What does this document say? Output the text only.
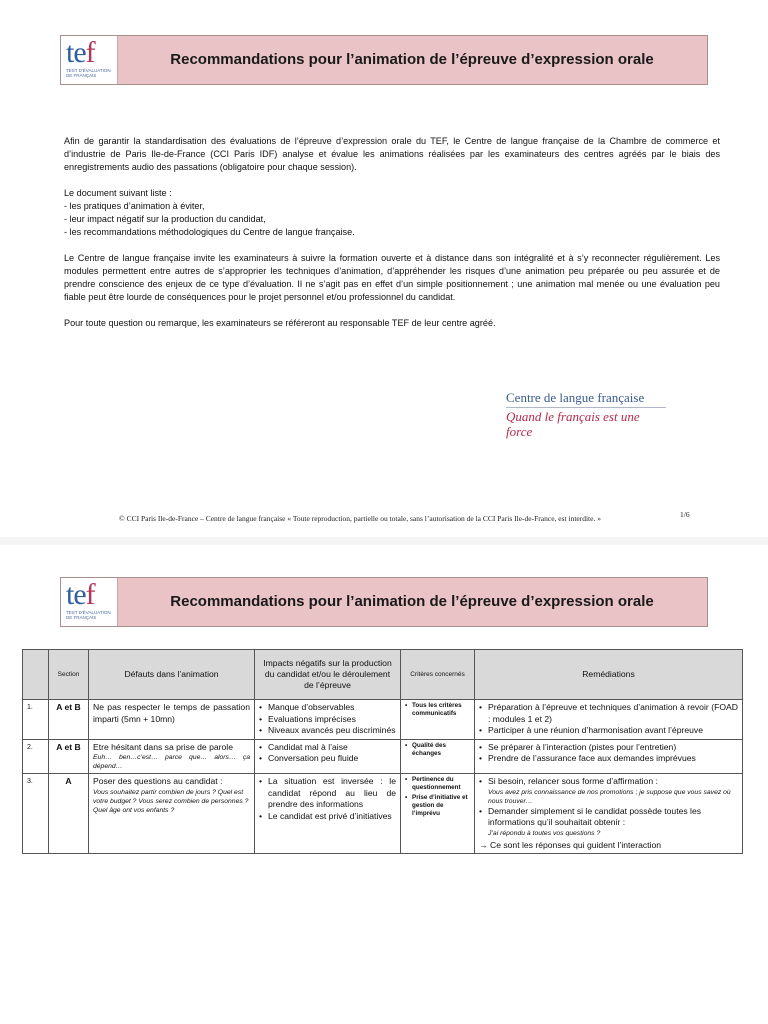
tef
TEST D'ÉVALUATION DE FRANÇAIS
Recommandations pour l’animation de l’épreuve d’expression orale

Afin de garantir la standardisation des évaluations de l’épreuve d’expression orale du TEF, le Centre de langue française de la Chambre de commerce et d’industrie de Paris Ile-de-France (CCI Paris IDF) analyse et évalue les animations réalisées par les examinateurs des centres agréés par le biais des enregistrements audio des passations (obligatoire pour chaque session).

Le document suivant liste :
- les pratiques d’animation à éviter,
- leur impact négatif sur la production du candidat,
- les recommandations méthodologiques du Centre de langue française.

Le Centre de langue française invite les examinateurs à suivre la formation ouverte et à distance dans son intégralité et à s’y reconnecter régulièrement. Les modules permettent entre autres de s’approprier les techniques d’animation, d’appréhender les risques d’une animation peu préparée ou peu assurée et de prendre conscience des enjeux de ce type d’évaluation. Il ne s’agit pas en effet d’un simple positionnement ; une animation mal menée ou une évaluation peu fiable peut être lourde de conséquences pour le projet personnel et/ou professionnel du candidat.

Pour toute question ou remarque, les examinateurs se référeront au responsable TEF de leur centre agréé.

Centre de langue française
Quand le français est une force
© CCI Paris Ile-de-France – Centre de langue française « Toute reproduction, partielle ou totale, sans l’autorisation de la CCI Paris Ile-de-France, est interdite. »	1/6
tef
TEST D'ÉVALUATION DE FRANÇAIS
Recommandations pour l’animation de l’épreuve d’expression orale
	Section	Défauts dans l’animation	Impacts négatifs sur la production du candidat et/ou le déroulement de l’épreuve	Critères concernés	Remédiations
1.	A et B	Ne pas respecter le temps de passation imparti (5mn + 10mn)	• Manque d’observables
• Evaluations imprécises
• Niveaux avancés peu discriminés	• Tous les critères communicatifs	• Préparation à l’épreuve et techniques d’animation à revoir (FOAD : modules 1 et 2)
• Participer à une réunion d’harmonisation avant l’épreuve

2.	A et B	Etre hésitant dans sa prise de parole
Euh… ben…c’est… parce que… alors… ça dépend…	• Candidat mal à l’aise
• Conversation peu fluide	• Qualité des échanges	• Se préparer à l’interaction (pistes pour l’entretien)
• Prendre de l’assurance face aux demandes imprévues

3.	A	Poser des questions au candidat :
Vous souhaitez partir combien de jours ? Quel est votre budget ? Vous serez combien de personnes ? Quel âge ont vos enfants ?	• La situation est inversée : le candidat répond au lieu de prendre des informations
• Le candidat est privé d’initiatives	• Pertinence du questionnement
• Prise d’initiative et gestion de l’imprévu	• Si besoin, relancer sous forme d’affirmation :
Vous avez pris connaissance de nos promotions ; je suppose que vous savez où nous trouver…
• Demander simplement si le candidat possède toutes les informations qu’il souhaitait obtenir :
J’ai répondu à toutes vos questions ?
→ Ce sont les réponses qui guident l’interaction
